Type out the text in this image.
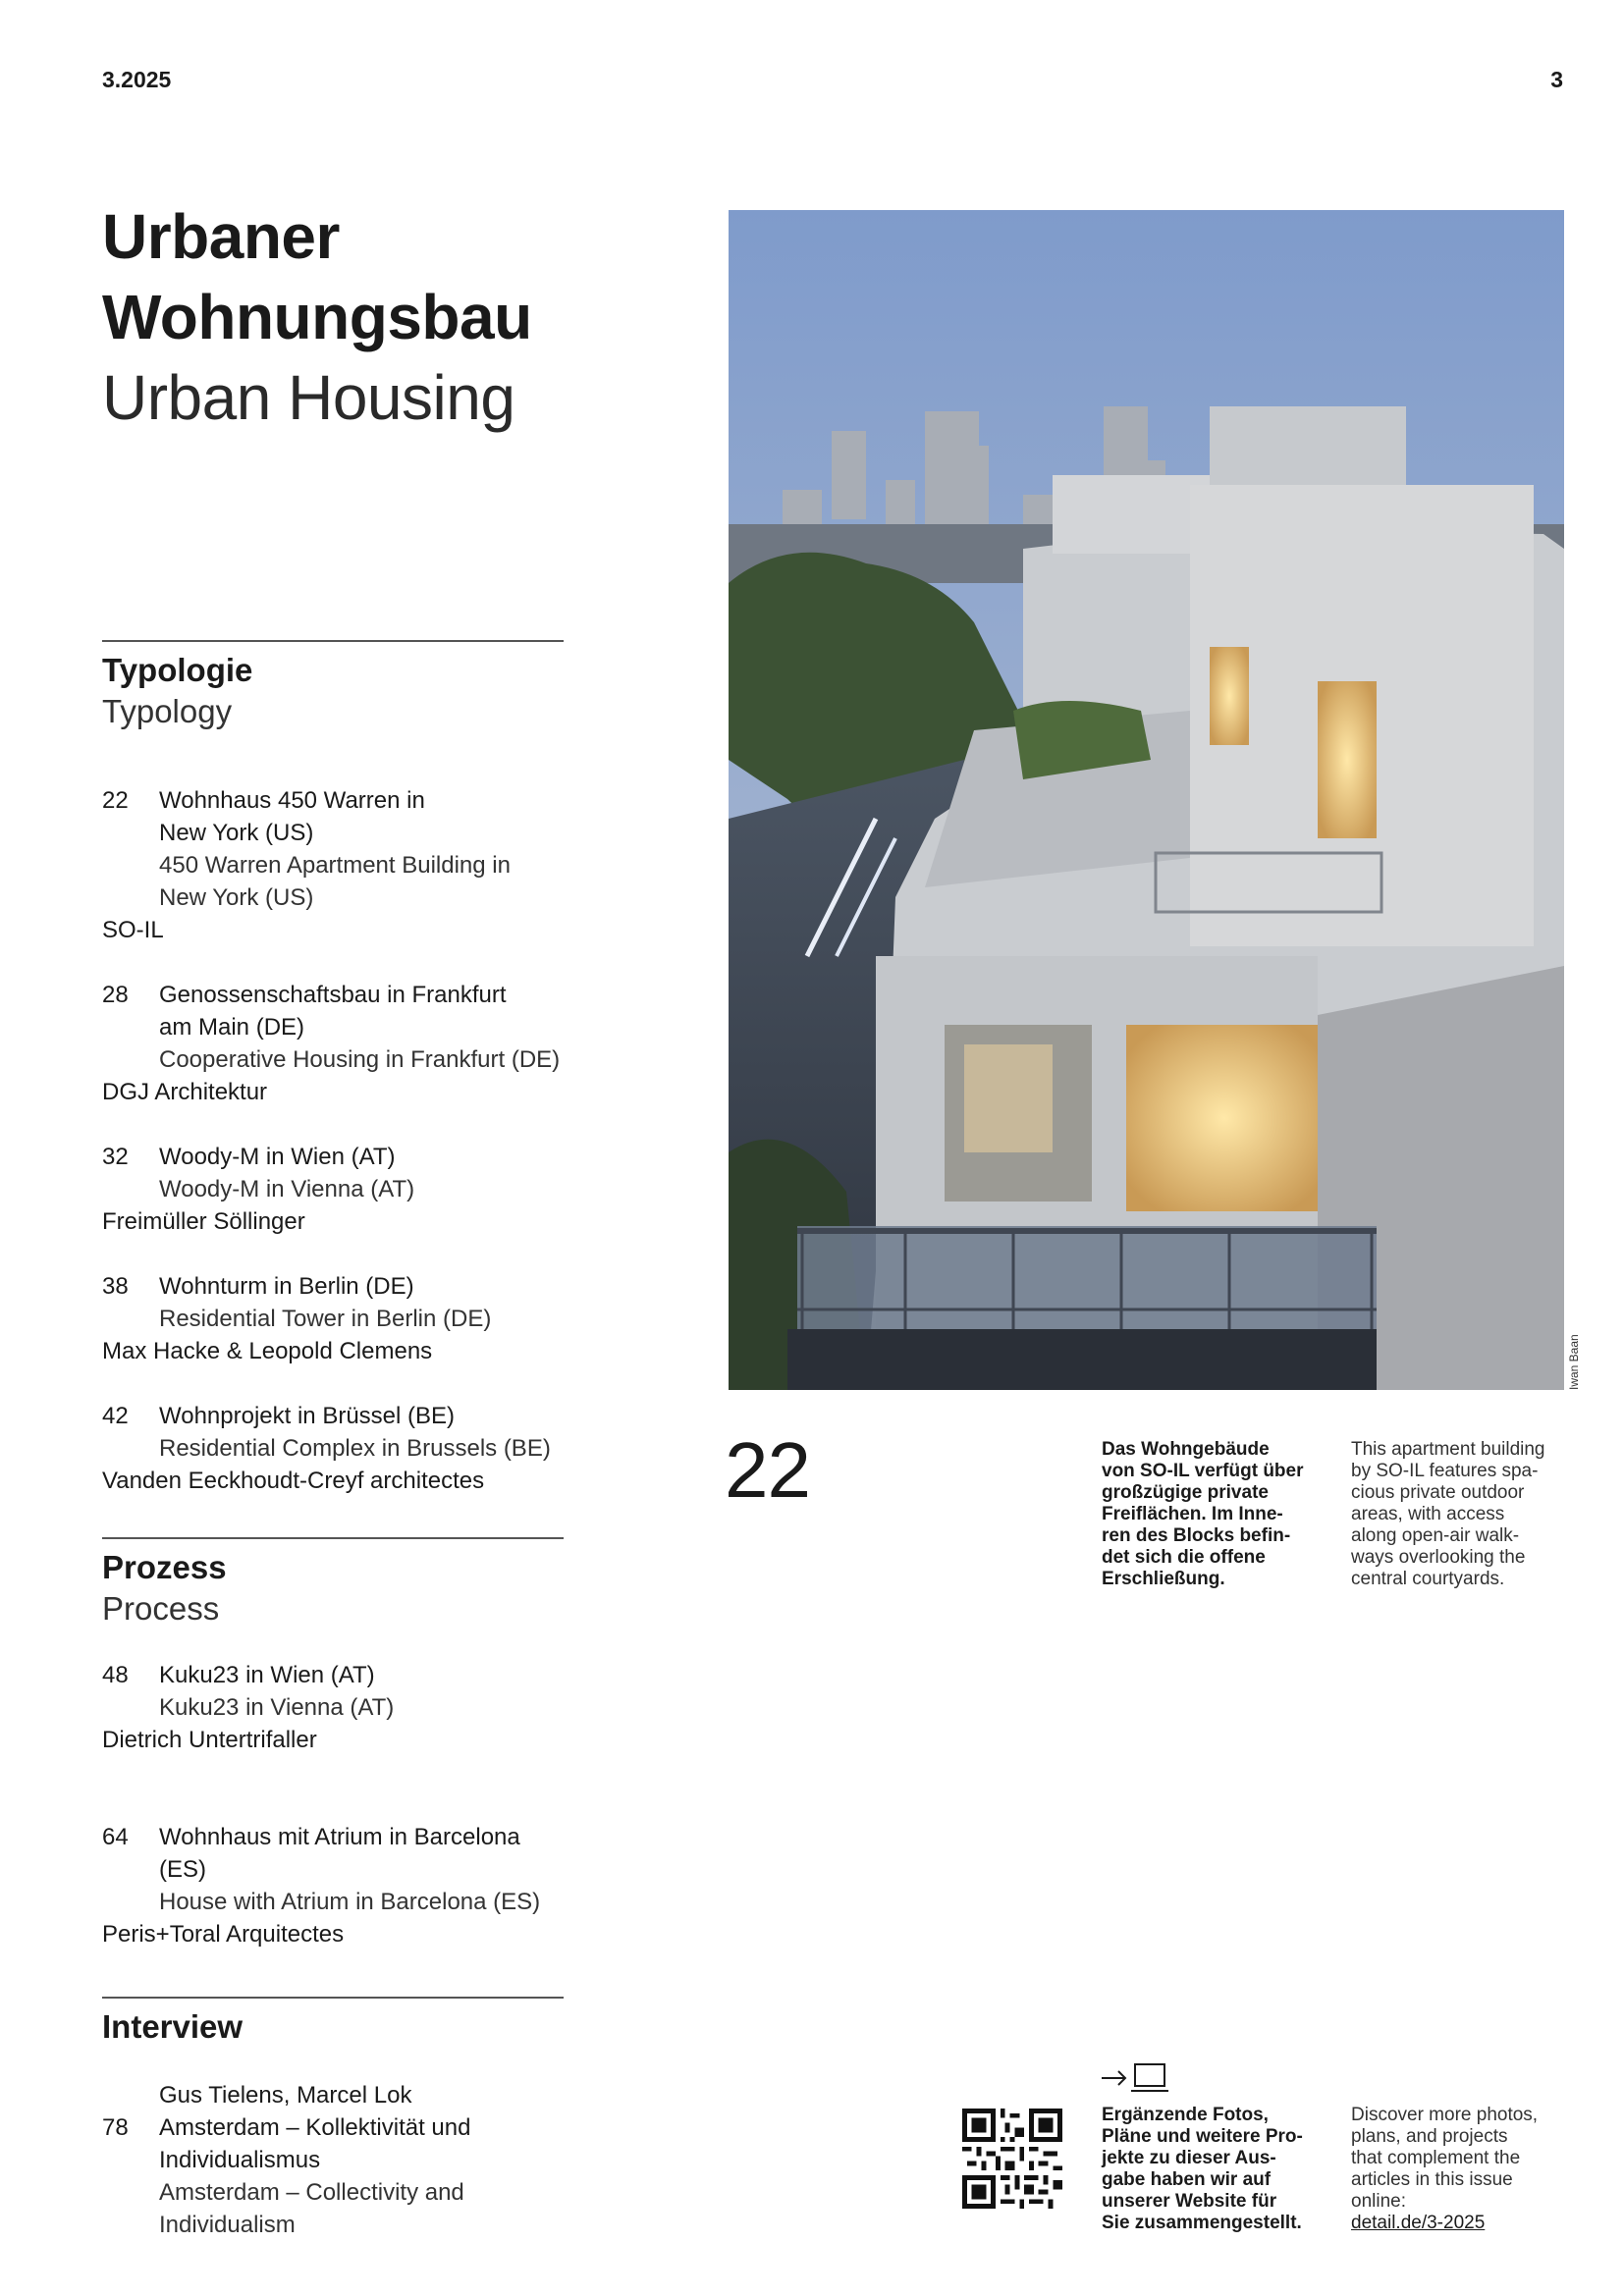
3.2025	3
Urbaner
Wohnungsbau
Urban Housing
Typologie
Typology
22	Wohnhaus 450 Warren in
New York (US)
450 Warren Apartment Building in
New York (US)
SO-IL
28	Genossenschaftsbau in Frankfurt
am Main (DE)
Cooperative Housing in Frankfurt (DE)
DGJ Architektur
32	Woody-M in Wien (AT)
Woody-M in Vienna (AT)
Freimüller Söllinger
38	Wohnturm in Berlin (DE)
Residential Tower in Berlin (DE)
Max Hacke & Leopold Clemens
42	Wohnprojekt in Brüssel (BE)
Residential Complex in Brussels (BE)
Vanden Eeckhoudt-Creyf architectes
Prozess
Process
48	Kuku23 in Wien (AT)
Kuku23 in Vienna (AT)
Dietrich Untertrifaller
64	Wohnhaus mit Atrium in Barcelona
(ES)
House with Atrium in Barcelona (ES)
Peris+Toral Arquitectes
Interview
Gus Tielens, Marcel Lok
78	Amsterdam – Kollektivität und
Individualismus
Amsterdam – Collectivity and
Individualism
Iwan Baan
22	Das Wohngebäude
von SO-IL verfügt über
großzügige private
Freiflächen. Im Inne-
ren des Blocks befin-
det sich die offene
Erschließung.
This apartment building
by SO-IL features spa-
cious private outdoor
areas, with access
along open-air walk-
ways overlooking the
central courtyards.
Ergänzende Fotos,
Pläne und weitere Pro-
jekte zu dieser Aus-
gabe haben wir auf
unserer Website für
Sie zusammengestellt.
Discover more photos,
plans, and projects
that complement the
articles in this issue
online:
detail.de/3-2025
